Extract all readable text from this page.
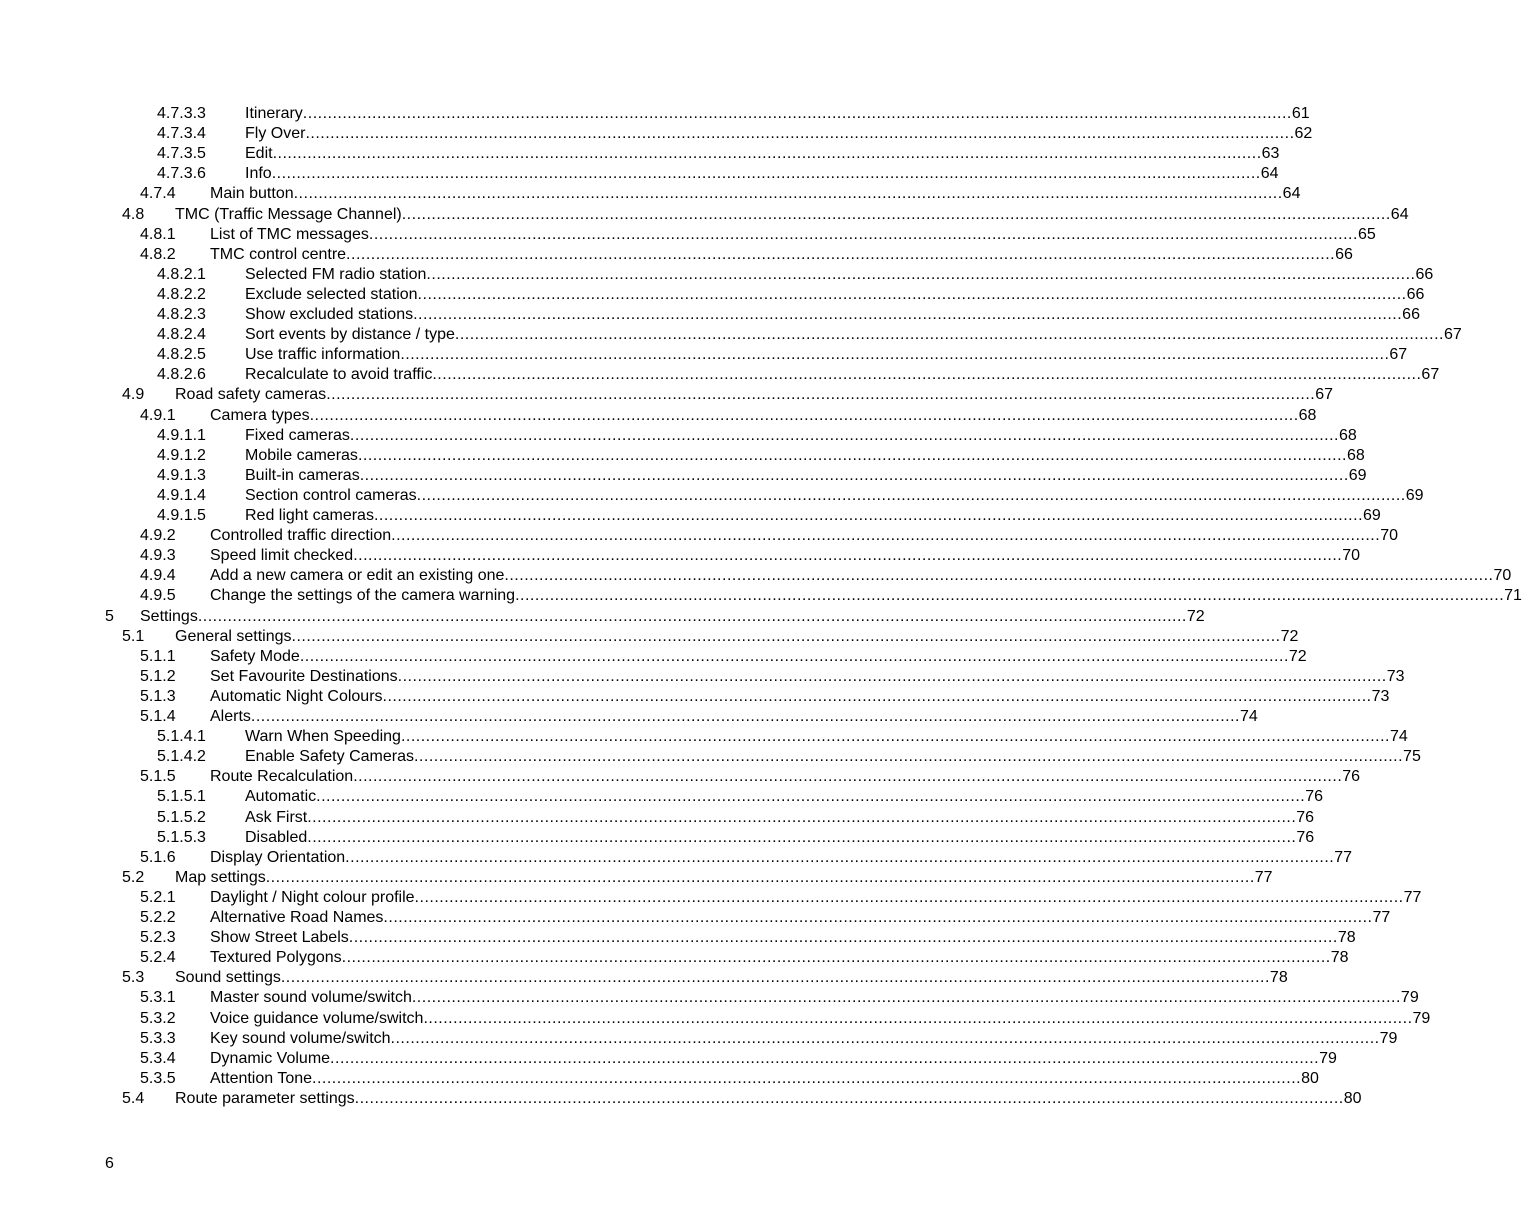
4.7.3.3 Itinerary ........................................................................................................................................................................................................ 61
4.7.3.4 Fly Over ........................................................................................................................................................................................................ 62
4.7.3.5 Edit ........................................................................................................................................................................................................ 63
4.7.3.6 Info ........................................................................................................................................................................................................ 64
4.7.4 Main button ........................................................................................................................................................................................................ 64
4.8 TMC (Traffic Message Channel) ........................................................................................................................................................................................................ 64
4.8.1 List of TMC messages ........................................................................................................................................................................................................ 65
4.8.2 TMC control centre ........................................................................................................................................................................................................ 66
4.8.2.1 Selected FM radio station ........................................................................................................................................................................................................ 66
4.8.2.2 Exclude selected station ........................................................................................................................................................................................................ 66
4.8.2.3 Show excluded stations ........................................................................................................................................................................................................ 66
4.8.2.4 Sort events by distance / type ........................................................................................................................................................................................................ 67
4.8.2.5 Use traffic information ........................................................................................................................................................................................................ 67
4.8.2.6 Recalculate to avoid traffic ........................................................................................................................................................................................................ 67
4.9 Road safety cameras ........................................................................................................................................................................................................ 67
4.9.1 Camera types ........................................................................................................................................................................................................ 68
4.9.1.1 Fixed cameras ........................................................................................................................................................................................................ 68
4.9.1.2 Mobile cameras ........................................................................................................................................................................................................ 68
4.9.1.3 Built-in cameras ........................................................................................................................................................................................................ 69
4.9.1.4 Section control cameras ........................................................................................................................................................................................................ 69
4.9.1.5 Red light cameras ........................................................................................................................................................................................................ 69
4.9.2 Controlled traffic direction ........................................................................................................................................................................................................ 70
4.9.3 Speed limit checked ........................................................................................................................................................................................................ 70
4.9.4 Add a new camera or edit an existing one ........................................................................................................................................................................................................ 70
4.9.5 Change the settings of the camera warning ........................................................................................................................................................................................................ 71
5 Settings ........................................................................................................................................................................................................ 72
5.1 General settings ........................................................................................................................................................................................................ 72
5.1.1 Safety Mode ........................................................................................................................................................................................................ 72
5.1.2 Set Favourite Destinations ........................................................................................................................................................................................................ 73
5.1.3 Automatic Night Colours ........................................................................................................................................................................................................ 73
5.1.4 Alerts ........................................................................................................................................................................................................ 74
5.1.4.1 Warn When Speeding ........................................................................................................................................................................................................ 74
5.1.4.2 Enable Safety Cameras ........................................................................................................................................................................................................ 75
5.1.5 Route Recalculation ........................................................................................................................................................................................................ 76
5.1.5.1 Automatic ........................................................................................................................................................................................................ 76
5.1.5.2 Ask First ........................................................................................................................................................................................................ 76
5.1.5.3 Disabled ........................................................................................................................................................................................................ 76
5.1.6 Display Orientation ........................................................................................................................................................................................................ 77
5.2 Map settings ........................................................................................................................................................................................................ 77
5.2.1 Daylight / Night colour profile ........................................................................................................................................................................................................ 77
5.2.2 Alternative Road Names ........................................................................................................................................................................................................ 77
5.2.3 Show Street Labels ........................................................................................................................................................................................................ 78
5.2.4 Textured Polygons ........................................................................................................................................................................................................ 78
5.3 Sound settings ........................................................................................................................................................................................................ 78
5.3.1 Master sound volume/switch ........................................................................................................................................................................................................ 79
5.3.2 Voice guidance volume/switch ........................................................................................................................................................................................................ 79
5.3.3 Key sound volume/switch ........................................................................................................................................................................................................ 79
5.3.4 Dynamic Volume ........................................................................................................................................................................................................ 79
5.3.5 Attention Tone ........................................................................................................................................................................................................ 80
5.4 Route parameter settings ........................................................................................................................................................................................................ 80
6
